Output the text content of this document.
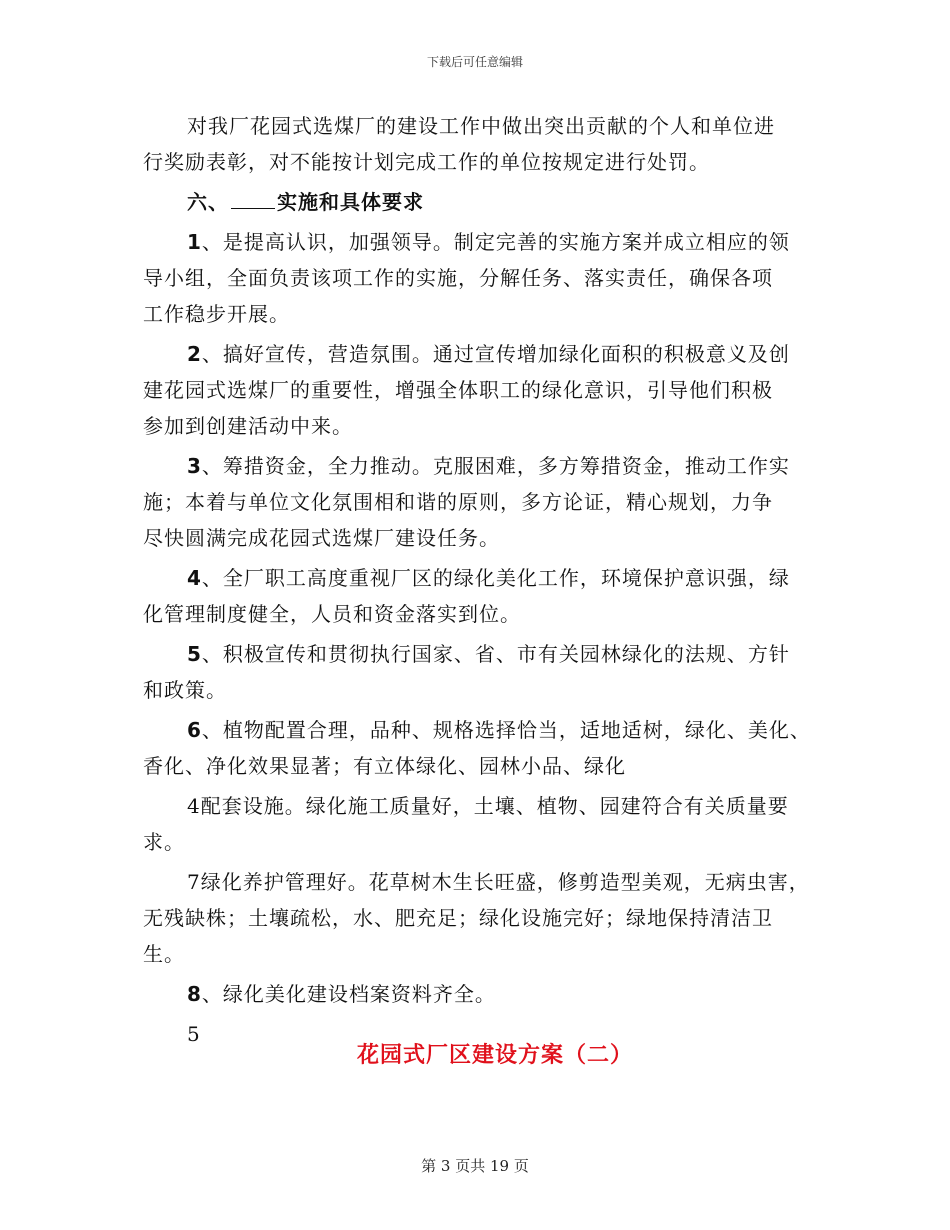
下载后可任意编辑
对我厂花园式选煤厂的建设工作中做出突出贡献的个人和单位进
行奖励表彰，对不能按计划完成工作的单位按规定进行处罚。
六、 实施和具体要求
1、是提高认识，加强领导。制定完善的实施方案并成立相应的领
导小组，全面负责该项工作的实施，分解任务、落实责任，确保各项
工作稳步开展。
2、搞好宣传，营造氛围。通过宣传增加绿化面积的积极意义及创
建花园式选煤厂的重要性，增强全体职工的绿化意识，引导他们积极
参加到创建活动中来。
3、筹措资金，全力推动。克服困难，多方筹措资金，推动工作实
施；本着与单位文化氛围相和谐的原则，多方论证，精心规划，力争
尽快圆满完成花园式选煤厂建设任务。
4、全厂职工高度重视厂区的绿化美化工作，环境保护意识强，绿
化管理制度健全，人员和资金落实到位。
5、积极宣传和贯彻执行国家、省、市有关园林绿化的法规、方针
和政策。
6、植物配置合理，品种、规格选择恰当，适地适树，绿化、美化、
香化、净化效果显著；有立体绿化、园林小品、绿化
4配套设施。绿化施工质量好，土壤、植物、园建符合有关质量要
求。
7绿化养护管理好。花草树木生长旺盛，修剪造型美观，无病虫害，
无残缺株；土壤疏松，水、肥充足；绿化设施完好；绿地保持清洁卫
生。
8、绿化美化建设档案资料齐全。
5
花园式厂区建设方案（二）
第 3 页共 19 页
